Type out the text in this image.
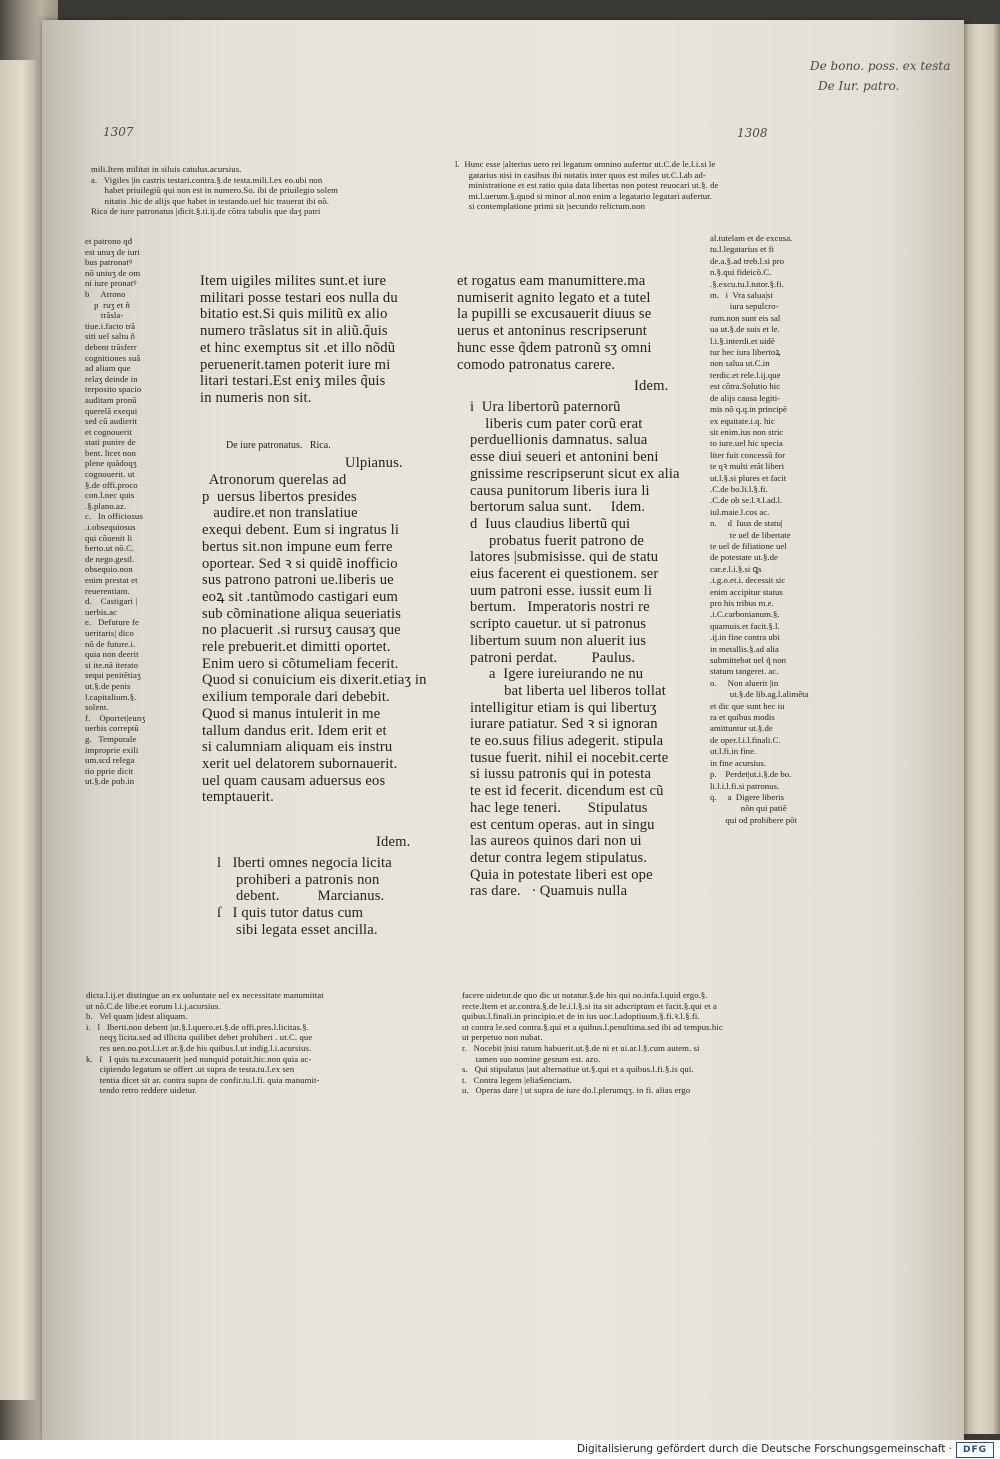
De bono. poss. ex testa
De Iur. patro.
1307	1308
mili.Item militat in siluis catulus.acursius.
a.   Vigiles |in castris testari.contra.§.de testa.mili.l.ex eo.ubi non
habet priuilegiũ qui non est in numero.So. ibi de priuilegio solem
nitatis .hic de alijs que habet in testando.uel hic trauerat ibi nõ.
Rica de iure patronatus |dicit.§.ti.ij.de cõtra tabulis que daʒ patri
et patrono qđ
est unuʒ de iuri
bus patronatꝰ
nõ uniuʒ de om
ni iure pronatꝰ
b     Atrono
p  ruʒ et ñ
trãsla-
tiue.i.facto trã
siti uel saltu ñ
debent trãsferr
cognitiones suã
ad aliam que
relaʒ deinde in
terposito spacio
auditam pronũ
querelã exequi
sed cũ audierit
et cognouerit
stati punire de
bent. licet non
plene quãdoqʒ
cognouerit. ut
§.de offi.proco
con.l.nec quis
.§.plano.az.
c.   In officiosus
.i.obsequiosus
qui cõuenit li
berto.ut nõ.C.
de nego.gestl.
obsequio.non
enim prestat et
reuerentiam.
d.    Castigari |
uerbis.ac
e.   Defuture fe
ueritaris| dico
nõ de future.i.
quia non deerit
si ite.nã iterato
sequi penitẽtiaʒ
ut.§.de penis
l.capitalium.§.
solent.
f.    Oportet|eunʒ
uerbis correptũ
g.   Temporale
improprie exili
um.scd relega
tio pprie dicit
ut.§.de pub.in
dicta.l.ij.et distingue an ex uoluntate uel ex necessitate manumittat
ut nõ.C.de libe.et eorum l.i.j.acursius.
b.   Vel quam |idest aliquam.
i.   l   Iberti.non debent |ut.§.l.quero.et.§.de offi.pres.l.licitas.§.
neqʒ licita.sed ad illicita quilibet debet prohiberi . ut.C. que
res uen.no.pot.l.i.et ar.§.de his quibus.l.ut indig.l.i.acursius.
k.   ſ   I quis tu.excusauerit |sed nunquid potuit.hic.non quia ac-
cipiendo legatum se offert .ut supra de testa.tu.l.ex sen
tentia dicet sit ar. contra supra de confir.tu.l.fi. quia manumit-
tendo retro reddere uidetur.
Item uigiles milites sunt.et iure
militari posse testari eos nulla du
bitatio est.Si quis militũ ex alio
numero trãslatus sit in aliũ.q̃uis
et hinc exemptus sit .et illo nõdũ
peruenerit.tamen poterit iure mi
litari testari.Est eniʒ miles q̃uis
in numeris non sit.
De iure patronatus.   Rica.
Ulpianus.
Atronorum querelas ad
p  uersus libertos presides
audire.et non translatiue
exequi debent. Eum si ingratus li
bertus sit.non impune eum ferre
oportear. Sed ꝛ si quidẽ inofficio
sus patrono patroni ue.liberis ue
eoꝝ sit .tantũmodo castigari eum
sub cõminatione aliqua seueriatis
no placuerit .si rursuʒ causaʒ que
rele prebuerit.et dimitti oportet.
Enim uero si cõtumeliam fecerit.
Quod si conuicium eis dixerit.etiaʒ in
exilium temporale dari debebit.
Quod si manus intulerit in me
tallum dandus erit. Idem erit et
si calumniam aliquam eis instru
xerit uel delatorem subornauerit.
uel quam causam aduersus eos
temptauerit.
Idem.
l   Iberti omnes negocia licita
prohiberi a patronis non
debent.          Marcianus.
ſ   I quis tutor datus cum
sibi legata esset ancilla.
l.  Hunc esse |alterius uero rei legatum omnino aufertur ut.C.de le.l.i.si le
gatarius nisi in casibus ibi notatis inter quos est miles ut.C.l.ab ad-
ministratione et est ratio quia data libertas non potest reuocari ut.§. de
mi.l.uerum.§.quod si minor al.non enim a legatario legatari aufertur.
si contemplatione primi sit |secundo relictum.non
et rogatus eam manumittere.ma
numiserit agnito legato et a tutel
la pupilli se excusauerit diuus se
uerus et antoninus rescripserunt
hunc esse q̃dem patronũ sʒ omni
comodo patronatus carere.
Idem.
i  Ura libertorũ paternorũ
liberis cum pater corũ erat
perduellionis damnatus. salua
esse diui seueri et antonini beni
gnissime rescripserunt sicut ex alia
causa punitorum liberis iura li
bertorum salua sunt.     Idem.
d  Iuus claudius libertũ qui
probatus fuerit patrono de
latores |submisisse. qui de statu
eius facerent ei questionem. ser
uum patroni esse. iussit eum li
bertum.   Imperatoris nostri re
scripto cauetur. ut si patronus
libertum suum non aluerit ius
patroni perdat.         Paulus.
a  Igere iureiurando ne nu
bat liberta uel liberos tollat
intelligitur etiam is qui libertuʒ
iurare patiatur. Sed ꝛ si ignoran
te eo.suus filius adegerit. stipula
tusue fuerit. nihil ei nocebit.certe
si iussu patronis qui in potesta
te est id fecerit. dicendum est cũ
hac lege teneri.       Stipulatus
est centum operas. aut in singu
las aureos quinos dari non ui
detur contra legem stipulatus.
Quia in potestate liberi est ope
ras dare.   ∙ Quamuis nulla
al.tutelam et de excusa.
tu.l.legatarius et fi
de.a.§.ad treb.l.si pro
n.§.qui fideicõ.C.
.§.excu.tu.l.tutor.§.fi.
m.   i  Vra salua|si
iura sepulcro-
rum.non sunt eis sal
ua ut.§.de suis et le.
l.i.§.interdi.et uidẽ
tur hec iura libertoꝝ
non salua ut.C.in
terdic.et rele.l.ij.que
est cõtra.Solutio hic
de alijs causa legiti-
mis nõ q.q.in principẽ
ex equitate.i.q. hic
sit enim.ius non stric
to iure.uel hic specia
liter fuit concessũ for
te qꝛ multi erãt liberi
ut.l.§.si plures et facit
.C.de bo.li.l.§.fi.
.C.de ob se.l.ꝛ.l.ad.l.
iul.maie.l.cos ac.
n.     d  Iuus de statu|
te uel de libertate
te uel de filiatione uel
de potestate ut.§.de
car.e.l.i.§.si ꝗs
.i.g.o.et.i. decessit sic
enim accipitur status
pro his tribus m.e.
.i.C.carbonianum.§.
quamuis.et facit.§.l.
.ij.in fine contra ubi
in metallis.§.ad alia
submittebat uel q̃ non
statum tangeret. ac.
o.     Non aluerit |in
ut.§.de lib.ag.l.alimẽta
et dic que sunt hec iu
ra et quibus modis
amittuntur ut.§.de
de oper.l.i.l.finali.C.
ut.l.fi.in fine.
in fine acursius.
p.    Perdet|ut.i.§.de bo.
li.l.i.l.fi.si patronus.
q.     a  Digere liberis
nõn qui patiẽ
qui od prohibere põt
facere uidetur.de quo dic ut notatur.§.de his qui no.infa.l.quid ergo.§.
recte.Item et ar.contra.§.de le.i.l.§.si ita sit adscriptum et facit.§.qui et a
quibus.l.finali.in principio.et de in ius uoc.l.adoptiuum.§.fi.ꝛ.l.§.fi.
ut contra le.sed contra.§.qui et a quibus.l.penultima.sed ibi ad tempus.hic
ut perpetuo non nubat.
r.   Nocebit |nisi ratum habuerit.ut.§.de ni et ui.ar.l.§.cum autem. si
tamen suo nomine gestum est. azo.
s.   Qui stipulatus |aut alternatiue ut.§.qui et a quibus.l.fi.§.is qui.
t.   Contra legem |eliaSenciam.
u.   Operas dare | ut supra de iure do.l.plerumqʒ. in fi. alias ergo
Digitalisierung gefördert durch die Deutsche Forschungsgemeinschaft ·	DFG
